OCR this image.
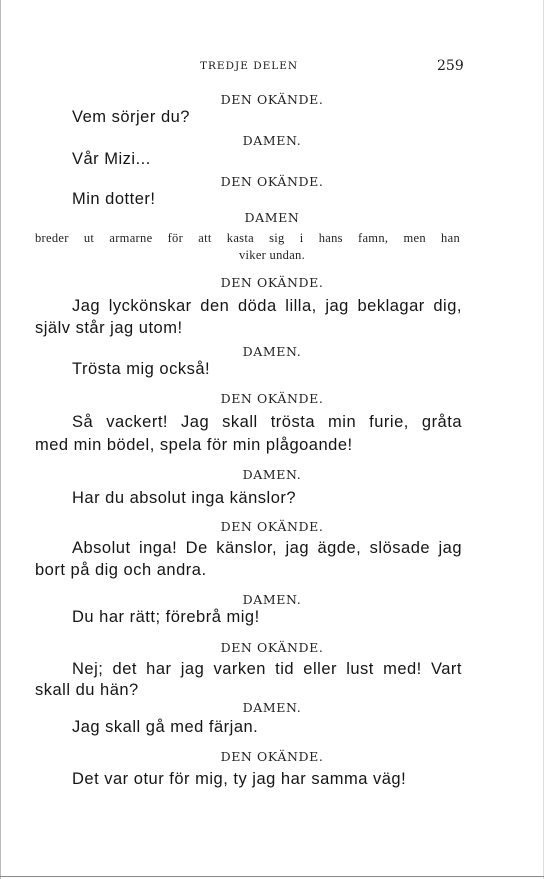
TREDJE DELEN	259
DEN OKÄNDE.
Vem sörjer du?
DAMEN.
Vår Mizi...
DEN OKÄNDE.
Min dotter!
DAMEN
breder ut armarne för att kasta sig i hans famn, men han
viker undan.
DEN OKÄNDE.
Jag lyckönskar den döda lilla, jag beklagar dig,
själv står jag utom!
DAMEN.
Trösta mig också!
DEN OKÄNDE.
Så vackert! Jag skall trösta min furie, gråta
med min bödel, spela för min plågoande!
DAMEN.
Har du absolut inga känslor?
DEN OKÄNDE.
Absolut inga! De känslor, jag ägde, slösade jag
bort på dig och andra.
DAMEN.
Du har rätt; förebrå mig!
DEN OKÄNDE.
Nej; det har jag varken tid eller lust med! Vart
skall du hän?
DAMEN.
Jag skall gå med färjan.
DEN OKÄNDE.
Det var otur för mig, ty jag har samma väg!
